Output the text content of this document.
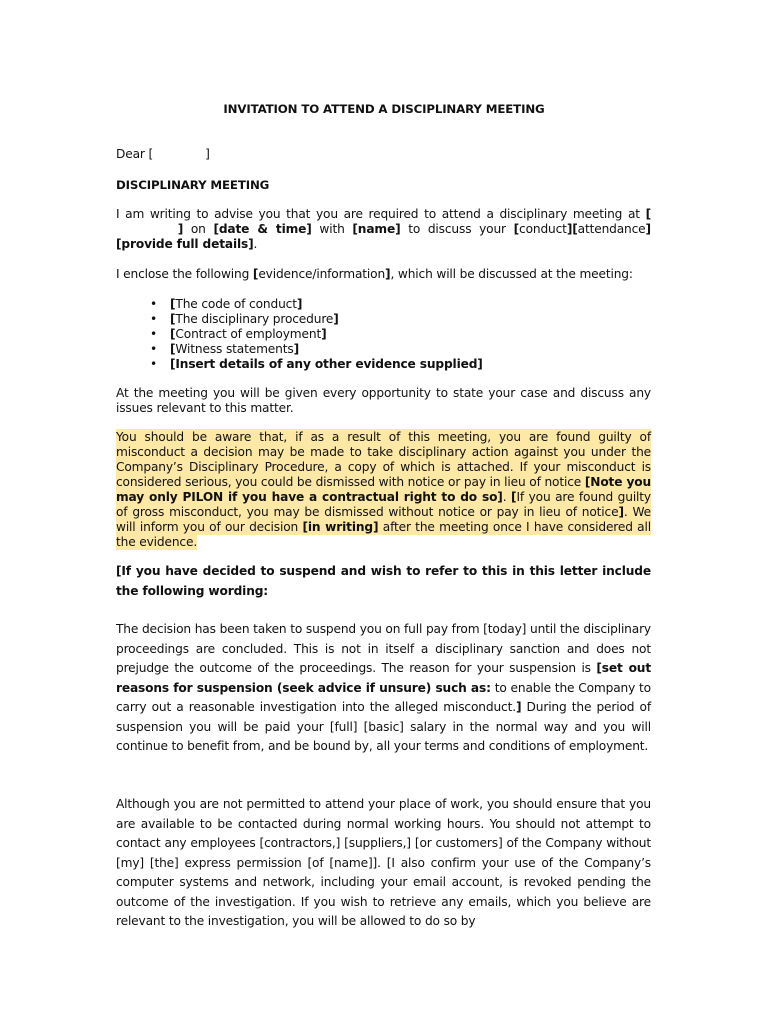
INVITATION TO ATTEND A DISCIPLINARY MEETING
Dear [	]
DISCIPLINARY MEETING
I am writing to advise you that you are required to attend a disciplinary meeting at [  ] on [date & time] with [name] to discuss your [conduct][attendance] [provide full details].
I enclose the following [evidence/information], which will be discussed at the meeting:
• [The code of conduct]
• [The disciplinary procedure]
• [Contract of employment]
• [Witness statements]
• [Insert details of any other evidence supplied]
At the meeting you will be given every opportunity to state your case and discuss any issues relevant to this matter.
You should be aware that, if as a result of this meeting, you are found guilty of misconduct a decision may be made to take disciplinary action against you under the Company’s Disciplinary Procedure, a copy of which is attached. If your misconduct is considered serious, you could be dismissed with notice or pay in lieu of notice [Note you may only PILON if you have a contractual right to do so]. [If you are found guilty of gross misconduct, you may be dismissed without notice or pay in lieu of notice]. We will inform you of our decision [in writing] after the meeting once I have considered all the evidence.
[If you have decided to suspend and wish to refer to this in this letter include the following wording:
The decision has been taken to suspend you on full pay from [today] until the disciplinary proceedings are concluded. This is not in itself a disciplinary sanction and does not prejudge the outcome of the proceedings. The reason for your suspension is [set out reasons for suspension (seek advice if unsure) such as: to enable the Company to carry out a reasonable investigation into the alleged misconduct.] During the period of suspension you will be paid your [full] [basic] salary in the normal way and you will continue to benefit from, and be bound by, all your terms and conditions of employment.
Although you are not permitted to attend your place of work, you should ensure that you are available to be contacted during normal working hours. You should not attempt to contact any employees [contractors,] [suppliers,] [or customers] of the Company without [my] [the] express permission [of [name]]. [I also confirm your use of the Company’s computer systems and network, including your email account, is revoked pending the outcome of the investigation. If you wish to retrieve any emails, which you believe are relevant to the investigation, you will be allowed to do so by
